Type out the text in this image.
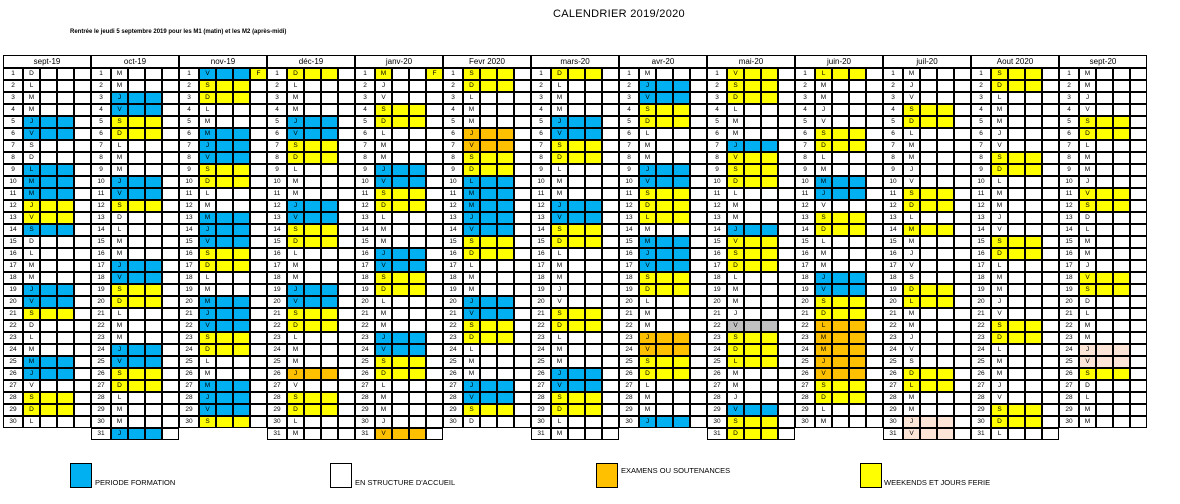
CALENDRIER 2019/2020
Rentrée le jeudi 5 septembre 2019 pour les M1 (matin) et les M2 (après-midi)
sept-19
1	D
2	L
3	M
4	M
5	J
6	V
7	S
8	D
9	L
10	M
11	M
12	J
13	V
14	S
15	D
16	L
17	M
18	M
19	J
20	V
21	S
22	D
23	L
24	M
25	M
26	J
27	V
28	S
29	D
30	L
oct-19
1	M
2	M
3	J
4	V
5	S
6	D
7	L
8	M
9	M
10	J
11	V
12	S
13	D
14	L
15	M
16	M
17	J
18	V
19	S
20	D
21	L
22	M
23	M
24	J
25	V
26	S
27	D
28	L
29	M
30	M
31	J
nov-19
1	V	F
2	S
3	D
4	L
5	M
6	M
7	J
8	V
9	S
10	D
11	L
12	M
13	M
14	J
15	V
16	S
17	D
18	L
19	M
20	M
21	J
22	V
23	S
24	D
25	L
26	M
27	M
28	J
29	V
30	S
déc-19
1	D
2	L
3	M
4	M
5	J
6	V
7	S
8	D
9	L
10	M
11	M
12	J
13	V
14	S
15	D
16	L
17	M
18	M
19	J
20	V
21	S
22	D
23	L
24	M
25	M
26	J
27	V
28	S
29	D
30	L
31	M
janv-20
1	M	F
2	J
3	V
4	S
5	D
6	L
7	M
8	M
9	J
10	V
11	S
12	D
13	L
14	M
15	M
16	J
17	V
18	S
19	D
20	L
21	M
22	M
23	J
24	V
25	S
26	D
27	L
28	M
29	M
30	J
31	V
Fevr 2020
1	S
2	D
3	L
4	M
5	M
6	J
7	V
8	S
9	D
10	L
11	M
12	M
13	J
14	V
15	S
16	D
17	L
18	M
19	M
20	J
21	V
22	S
23	D
24	L
25	M
26	M
27	J
28	V
29	S
30	D
mars-20
1	D
2	L
3	M
4	M
5	J
6	V
7	S
8	D
9	L
10	M
11	M
12	J
13	V
14	S
15	D
16	L
17	M
18	M
19	J
20	V
21	S
22	D
23	L
24	M
25	M
26	J
27	V
28	S
29	D
30	L
31	M
avr-20
1	M
2	J
3	V
4	S
5	D
6	L
7	M
8	M
9	J
10	V
11	S
12	D
13	L
14	M
15	M
16	J
17	V
18	S
19	D
20	L
21	M
22	M
23	J
24	V
25	S
26	D
27	L
28	M
29	M
30	J
mai-20
1	V
2	S
3	D
4	L
5	M
6	M
7	J
8	V
9	S
10	D
11	L
12	M
13	M
14	J
15	V
16	S
17	D
18	L
19	M
20	M
21	J
22	V
23	S
24	D
25	L
26	M
27	M
28	J
29	V
30	S
31	D
juin-20
1	L
2	M
3	M
4	J
5	V
6	S
7	D
8	L
9	M
10	M
11	J
12	V
13	S
14	D
15	L
16	M
17	M
18	J
19	V
20	S
21	D
22	L
23	M
24	M
25	J
26	V
27	S
28	D
29	L
30	M
juil-20
1	M
2	J
3	V
4	S
5	D
6	L
7	M
8	M
9	J
10	V
11	S
12	D
13	L
14	M
15	M
16	J
17	V
18	S
19	D
20	L
21	M
22	M
23	J
24	V
25	S
26	D
27	L
28	M
29	M
30	J
31	V
Aout 2020
1	S
2	D
3	L
4	M
5	M
6	J
7	V
8	S
9	D
10	L
11	M
12	M
13	J
14	V
15	S
16	D
17	L
18	M
19	M
20	J
21	V
22	S
23	D
24	L
25	M
26	M
27	J
28	V
29	S
30	D
31	L
sept-20
1	M
2	M
3	J
4	V
5	S
6	D
7	L
8	M
9	M
10	J
11	V
12	S
13	D
14	L
15	M
16	M
17	J
18	V
19	S
20	D
21	L
22	M
23	M
24	J
25	V
26	S
27	D
28	L
29	M
30	M
PERIODE FORMATION	EN STRUCTURE D'ACCUEIL
EXAMENS OU SOUTENANCES
WEEKENDS ET JOURS FERIE
